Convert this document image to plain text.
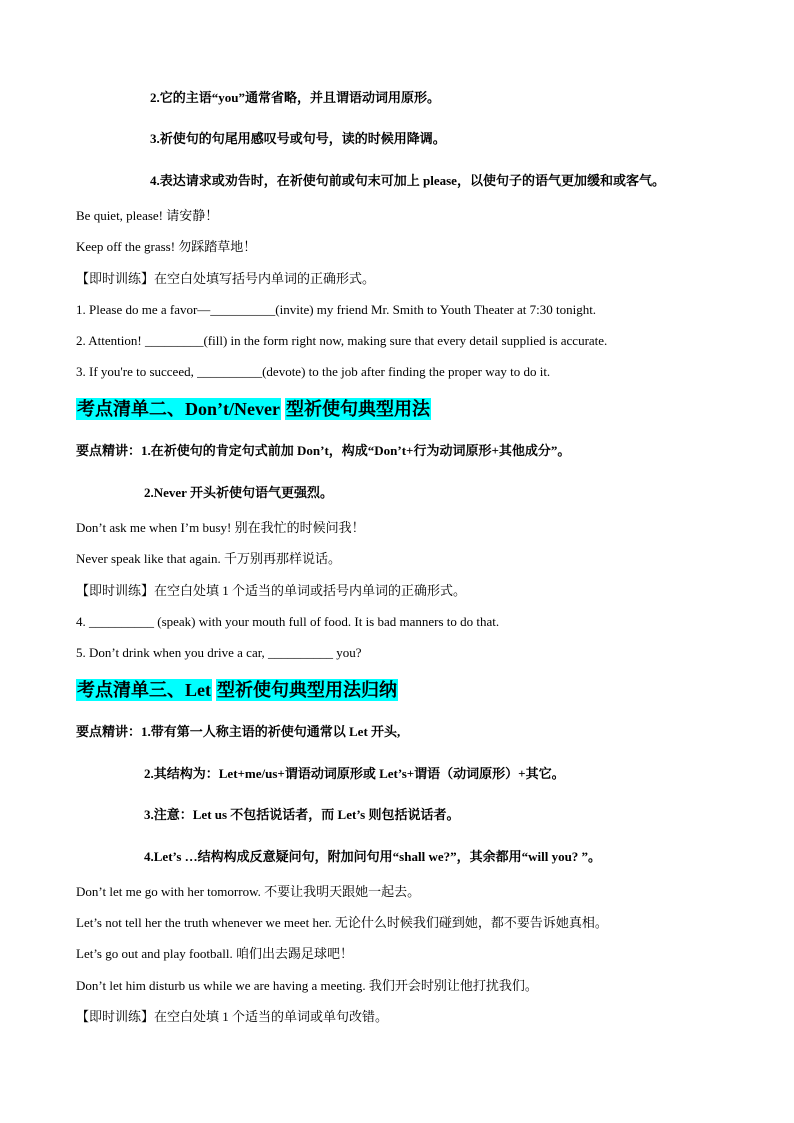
2.它的主语“you”通常省略，并且谓语动词用原形。
3.祈使句的句尾用感叹号或句号，读的时候用降调。
4.表达请求或劝告时，在祈使句前或句末可加上 please，以使句子的语气更加缓和或客气。
Be quiet, please! 请安静！
Keep off the grass! 勿踩踏草地！
【即时训练】在空白处填写括号内单词的正确形式。
1. Please do me a favor—__________(invite) my friend Mr. Smith to Youth Theater at 7:30 tonight.
2. Attention! _________(fill) in the form right now, making sure that every detail supplied is accurate.
3. If you're to succeed, __________(devote) to the job after finding the proper way to do it.
考点清单二、Don’t/Never 型祈使句典型用法
要点精讲：1.在祈使句的肯定句式前加 Don’t，构成“Don’t+行为动词原形+其他成分”。
2.Never 开头祈使句语气更强烈。
Don’t ask me when I’m busy! 别在我忙的时候问我！
Never speak like that again. 千万别再那样说话。
【即时训练】在空白处填 1 个适当的单词或括号内单词的正确形式。
4. __________ (speak) with your mouth full of food. It is bad manners to do that.
5. Don’t drink when you drive a car, __________ you?
考点清单三、Let 型祈使句典型用法归纳
要点精讲：1.带有第一人称主语的祈使句通常以 Let 开头,
2.其结构为：Let+me/us+谓语动词原形或 Let’s+谓语（动词原形）+其它。
3.注意：Let us 不包括说话者，而 Let’s 则包括说话者。
4.Let’s …结构构成反意疑问句，附加问句用“shall we?”，其余都用“will you? ”。
Don’t let me go with her tomorrow. 不要让我明天跟她一起去。
Let’s not tell her the truth whenever we meet her. 无论什么时候我们碰到她，都不要告诉她真相。
Let’s go out and play football. 咱们出去踢足球吧！
Don’t let him disturb us while we are having a meeting. 我们开会时别让他打扰我们。
【即时训练】在空白处填 1 个适当的单词或单句改错。
